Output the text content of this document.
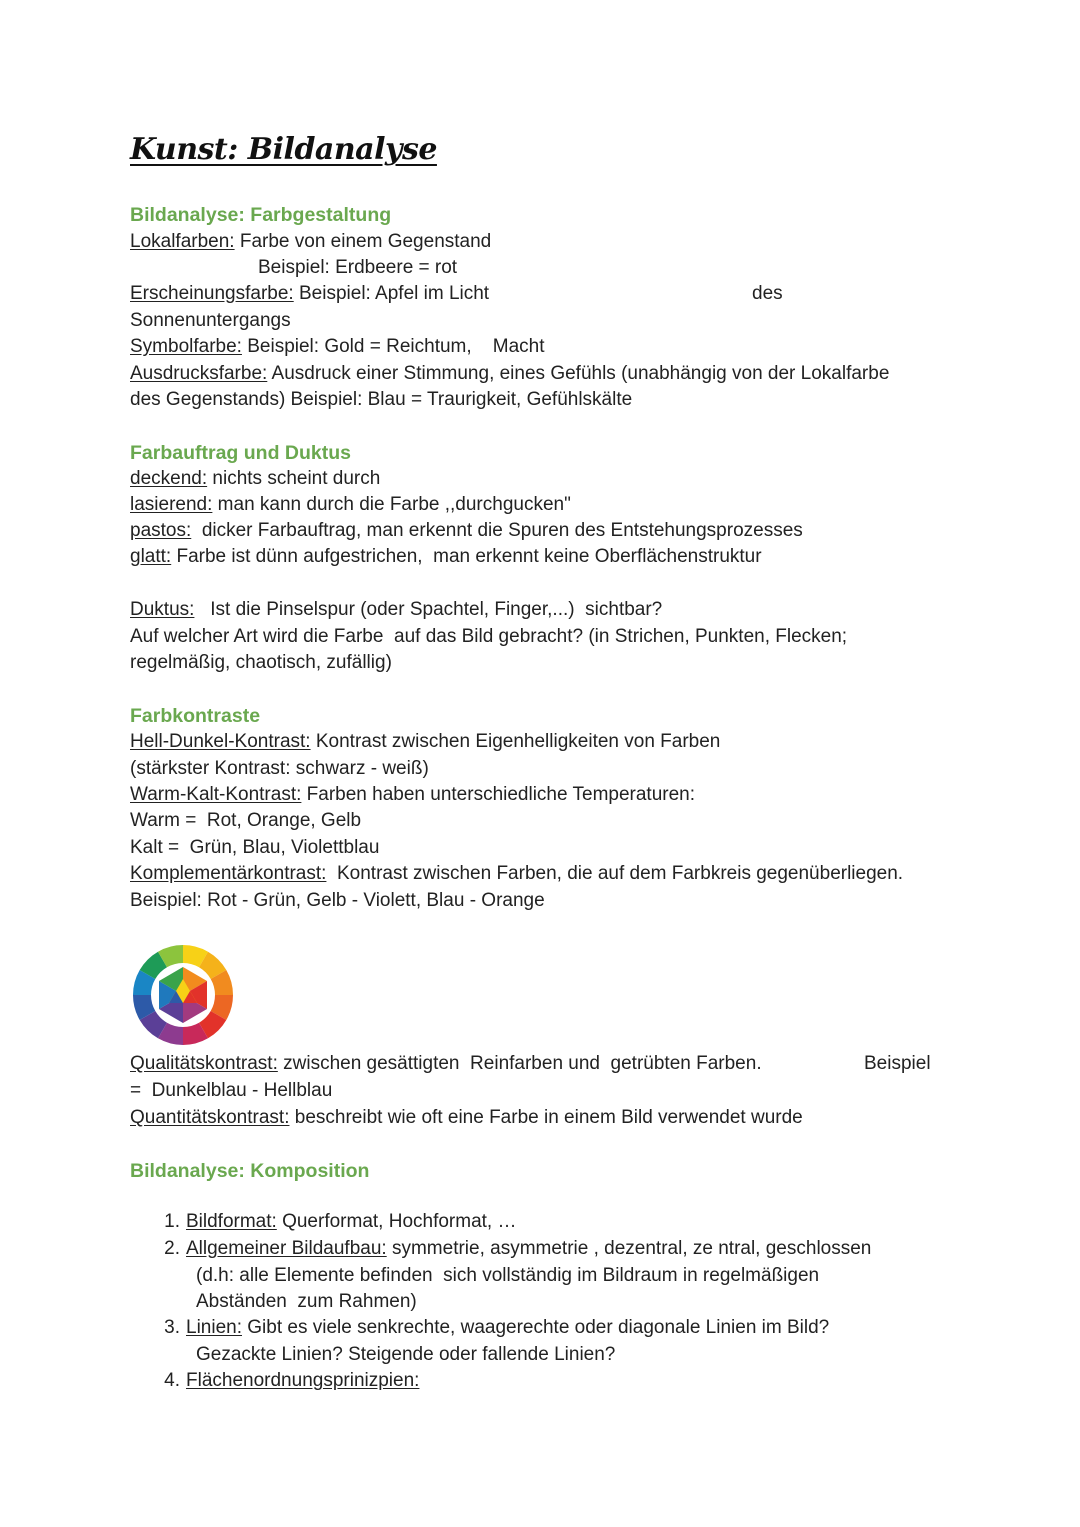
Kunst: Bildanalyse
Bildanalyse: Farbgestaltung
Lokalfarben: Farbe von einem Gegenstand
Beispiel: Erdbeere = rot
Erscheinungsfarbe: Beispiel: Apfel im Licht	des
Sonnenuntergangs
Symbolfarbe: Beispiel: Gold = Reichtum,    Macht
Ausdrucksfarbe: Ausdruck einer Stimmung, eines Gefühls (unabhängig von der Lokalfarbe
des Gegenstands) Beispiel: Blau = Traurigkeit, Gefühlskälte
Farbauftrag und Duktus
deckend: nichts scheint durch
lasierend: man kann durch die Farbe ,,durchgucken"
pastos:  dicker Farbauftrag, man erkennt die Spuren des Entstehungsprozesses
glatt: Farbe ist dünn aufgestrichen,  man erkennt keine Oberflächenstruktur
Duktus:   Ist die Pinselspur (oder Spachtel, Finger,...)  sichtbar?
Auf welcher Art wird die Farbe  auf das Bild gebracht? (in Strichen, Punkten, Flecken;
regelmäßig, chaotisch, zufällig)
Farbkontraste
Hell-Dunkel-Kontrast: Kontrast zwischen Eigenhelligkeiten von Farben
(stärkster Kontrast: schwarz - weiß)
Warm-Kalt-Kontrast: Farben haben unterschiedliche Temperaturen:
Warm =  Rot, Orange, Gelb
Kalt =  Grün, Blau, Violettblau
Komplementärkontrast:  Kontrast zwischen Farben, die auf dem Farbkreis gegenüberliegen.
Beispiel: Rot - Grün, Gelb - Violett, Blau - Orange
Qualitätskontrast: zwischen gesättigten  Reinfarben und  getrübten Farben.	Beispiel
=  Dunkelblau - Hellblau
Quantitätskontrast: beschreibt wie oft eine Farbe in einem Bild verwendet wurde
Bildanalyse: Komposition
1. Bildformat: Querformat, Hochformat, …
2. Allgemeiner Bildaufbau: symmetrie, asymmetrie , dezentral, ze ntral, geschlossen
(d.h: alle Elemente befinden  sich vollständig im Bildraum in regelmäßigen
Abständen  zum Rahmen)
3. Linien: Gibt es viele senkrechte, waagerechte oder diagonale Linien im Bild?
Gezackte Linien? Steigende oder fallende Linien?
4. Flächenordnungsprinizpien:
